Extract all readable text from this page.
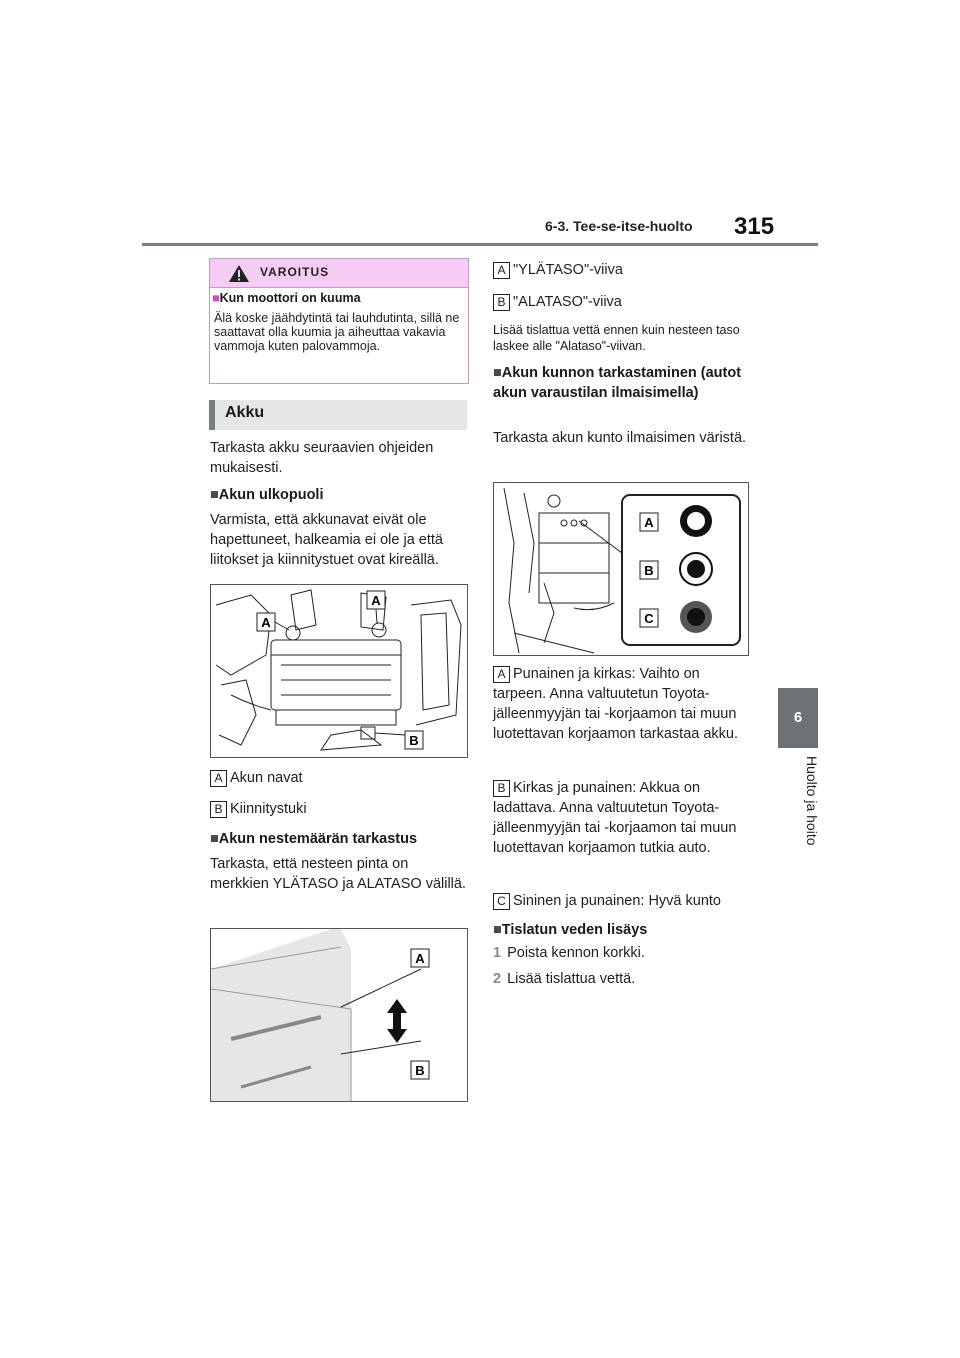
6-3. Tee-se-itse-huolto 315
6
Huolto ja hoito
VAROITUS
■Kun moottori on kuuma
Älä koske jäähdytintä tai lauhdutinta, sillä ne saattavat olla kuumia ja aiheuttaa vakavia vammoja kuten palovammoja.
Akku
Tarkasta akku seuraavien ohjeiden mukaisesti.
■Akun ulkopuoli
Varmista, että akkunavat eivät ole hapettuneet, halkeamia ei ole ja että liitokset ja kiinnitystuet ovat kireällä.
A
A
B
A Akun navat
B Kiinnitystuki
■Akun nestemäärän tarkastus
Tarkasta, että nesteen pinta on merkkien YLÄTASO ja ALATASO välillä.
A
B
A "YLÄTASO"-viiva
B "ALATASO"-viiva
Lisää tislattua vettä ennen kuin nesteen taso laskee alle "Alataso"-viivan.
■Akun kunnon tarkastaminen (autot akun varaustilan ilmaisimella)
Tarkasta akun kunto ilmaisimen väristä.
A
B
C
A Punainen ja kirkas: Vaihto on tarpeen. Anna valtuutetun Toyota-jälleenmyyjän tai -korjaamon tai muun luotettavan korjaamon tarkastaa akku.
B Kirkas ja punainen: Akkua on ladattava. Anna valtuutetun Toyota-jälleenmyyjän tai -korjaamon tai muun luotettavan korjaamon tutkia auto.
C Sininen ja punainen: Hyvä kunto
■Tislatun veden lisäys
1 Poista kennon korkki.
2 Lisää tislattua vettä.
